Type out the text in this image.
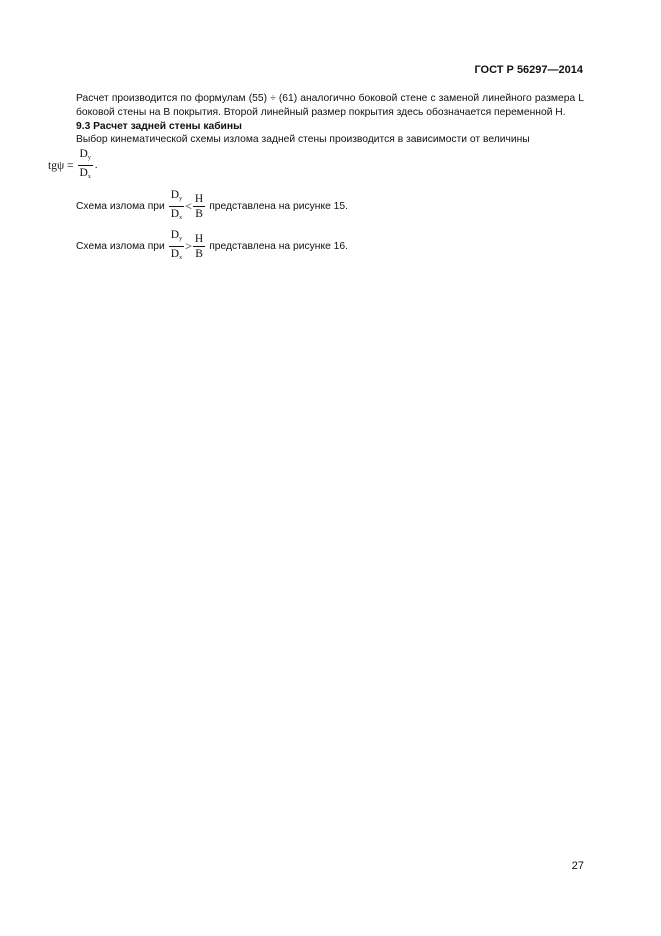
ГОСТ Р 56297—2014
Расчет производится по формулам (55) ÷ (61) аналогично боковой стене с заменой линейного размера L боковой стены на B покрытия. Второй линейный размер покрытия здесь обозначается переменной H.
9.3 Расчет задней стены кабины
Выбор кинематической схемы излома задней стены производится в зависимости от величины
$tg\psi = \frac{D_y}{D_x}$ .
Схема излома при $\frac{D_y}{D_x} < \frac{H}{B}$ представлена на рисунке 15.
Схема излома при $\frac{D_y}{D_x} > \frac{H}{B}$ представлена на рисунке 16.
27
